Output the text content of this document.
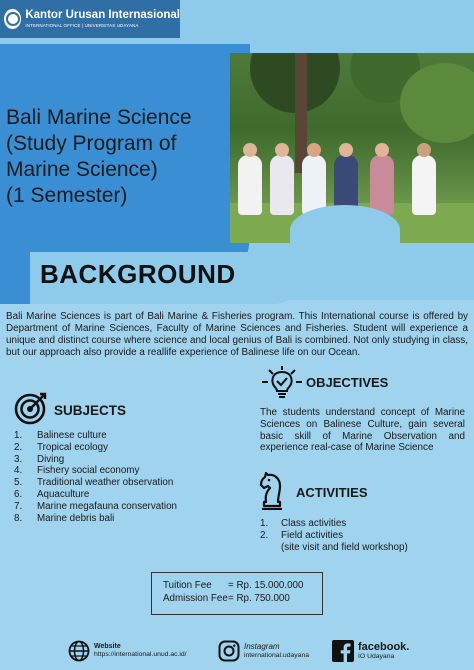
Kantor Urusan Internasional
INTERNATIONAL OFFICE | UNIVERSITAS UDAYANA
Bali Marine Science
(Study Program of
Marine Science)
(1 Semester)
BACKGROUND

Bali Marine Sciences is part of Bali Marine & Fisheries program. This International course is offered by Department of Marine Sciences, Faculty of Marine Sciences and Fisheries. Student will experience a unique and distinct course where science and local genius of Bali is combined. Not only studying in class, but our approach also provide a reallife experience of Balinese life on our Ocean.

SUBJECTS
1.	Balinese culture
2.	Tropical ecology
3.	Diving
4.	Fishery social economy
5.	Traditional weather observation
6.	Aquaculture
7.	Marine megafauna conservation
8.	Marine debris bali
OBJECTIVES

The students understand concept of Marine Sciences on Balinese Culture, gain several basic skill of Marine Observation and experience real-case of Marine Science

ACTIVITIES
1.	Class activities
2.	Field activities
(site visit and field workshop)
Tuition Fee	= Rp. 15.000.000
Admission Fee = Rp. 750.000
Website
https://international.unud.ac.id/
Instagram
international.udayana
facebook.
IO Udayana
